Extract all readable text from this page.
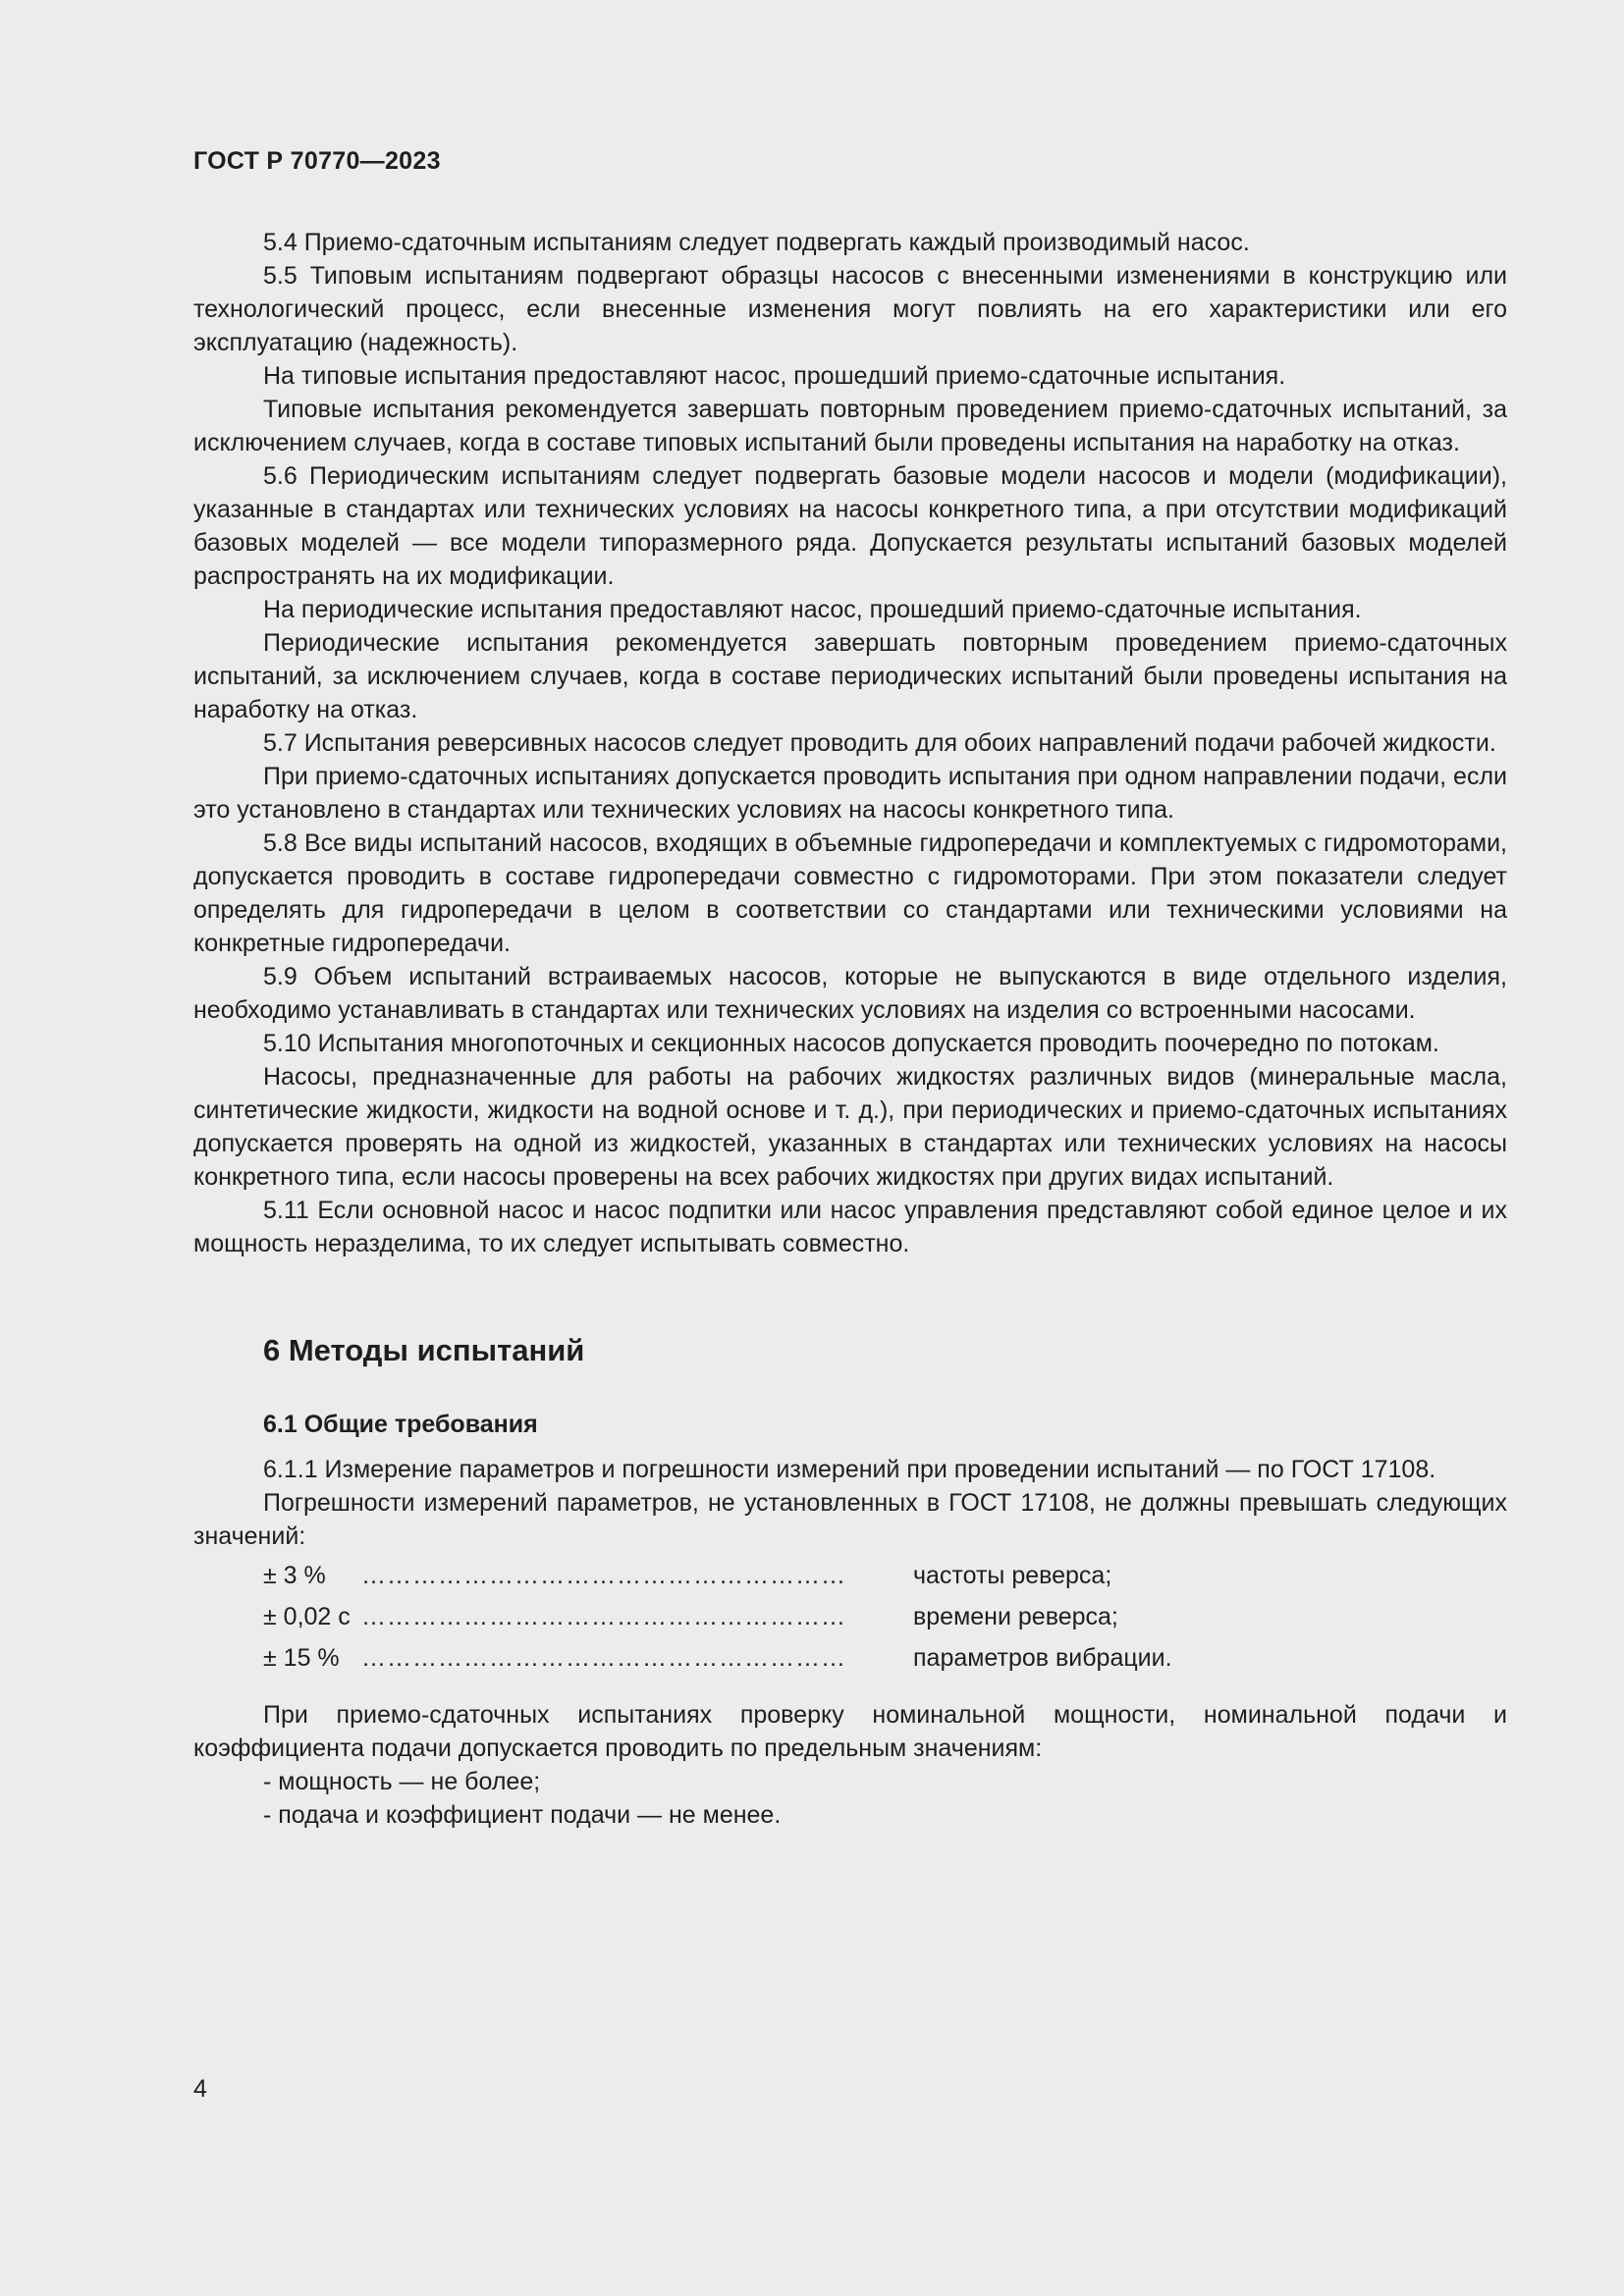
ГОСТ Р 70770—2023

5.4 Приемо-сдаточным испытаниям следует подвергать каждый производимый насос.

5.5 Типовым испытаниям подвергают образцы насосов с внесенными изменениями в конструкцию или технологический процесс, если внесенные изменения могут повлиять на его характеристики или его эксплуатацию (надежность).

На типовые испытания предоставляют насос, прошедший приемо-сдаточные испытания.

Типовые испытания рекомендуется завершать повторным проведением приемо-сдаточных испытаний, за исключением случаев, когда в составе типовых испытаний были проведены испытания на наработку на отказ.

5.6 Периодическим испытаниям следует подвергать базовые модели насосов и модели (модификации), указанные в стандартах или технических условиях на насосы конкретного типа, а при отсутствии модификаций базовых моделей — все модели типоразмерного ряда. Допускается результаты испытаний базовых моделей распространять на их модификации.

На периодические испытания предоставляют насос, прошедший приемо-сдаточные испытания.

Периодические испытания рекомендуется завершать повторным проведением приемо-сдаточных испытаний, за исключением случаев, когда в составе периодических испытаний были проведены испытания на наработку на отказ.

5.7 Испытания реверсивных насосов следует проводить для обоих направлений подачи рабочей жидкости.

При приемо-сдаточных испытаниях допускается проводить испытания при одном направлении подачи, если это установлено в стандартах или технических условиях на насосы конкретного типа.

5.8 Все виды испытаний насосов, входящих в объемные гидропередачи и комплектуемых с гидромоторами, допускается проводить в составе гидропередачи совместно с гидромоторами. При этом показатели следует определять для гидропередачи в целом в соответствии со стандартами или техническими условиями на конкретные гидропередачи.

5.9 Объем испытаний встраиваемых насосов, которые не выпускаются в виде отдельного изделия, необходимо устанавливать в стандартах или технических условиях на изделия со встроенными насосами.

5.10 Испытания многопоточных и секционных насосов допускается проводить поочередно по потокам.

Насосы, предназначенные для работы на рабочих жидкостях различных видов (минеральные масла, синтетические жидкости, жидкости на водной основе и т. д.), при периодических и приемо-сдаточных испытаниях допускается проверять на одной из жидкостей, указанных в стандартах или технических условиях на насосы конкретного типа, если насосы проверены на всех рабочих жидкостях при других видах испытаний.

5.11 Если основной насос и насос подпитки или насос управления представляют собой единое целое и их мощность неразделима, то их следует испытывать совместно.

6 Методы испытаний
6.1 Общие требования

6.1.1 Измерение параметров и погрешности измерений при проведении испытаний — по ГОСТ 17108.

Погрешности измерений параметров, не установленных в ГОСТ 17108, не должны превышать следующих значений:

± 3 %	…………………………………………………	частоты реверса;
± 0,02 с …………………………………………………	времени реверса;
± 15 % …………………………………………………	параметров вибрации.

При приемо-сдаточных испытаниях проверку номинальной мощности, номинальной подачи и коэффициента подачи допускается проводить по предельным значениям:

- мощность — не более;

- подача и коэффициент подачи — не менее.

4
